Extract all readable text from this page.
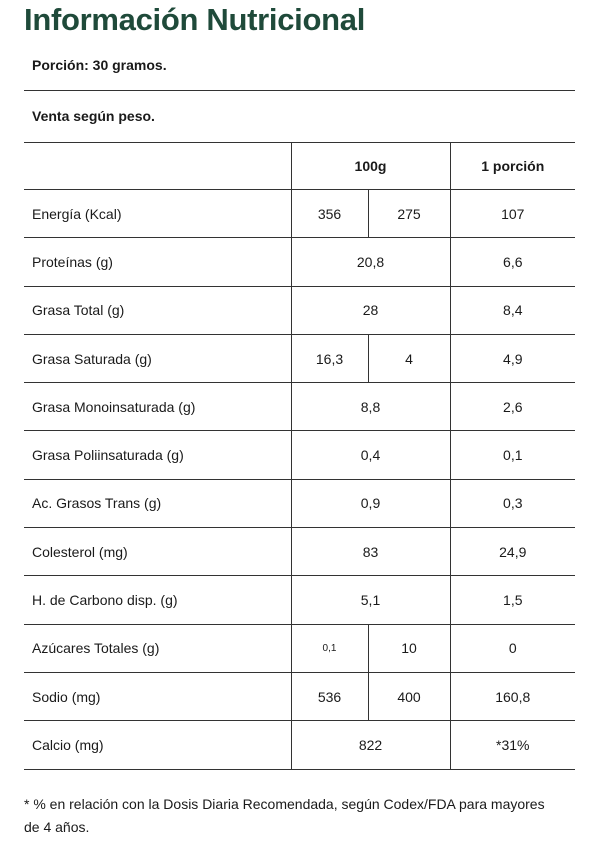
Información Nutricional
Porción: 30 gramos.
Venta según peso.
	100g		1 porción
Energía (Kcal)	356	275	107
Proteínas (g)	20,8		6,6
Grasa Total (g)	28		8,4
Grasa Saturada (g)	16,3	4	4,9
Grasa Monoinsaturada (g)	8,8		2,6
Grasa Poliinsaturada (g)	0,4		0,1
Ac. Grasos Trans (g)	0,9		0,3
Colesterol (mg)	83		24,9
H. de Carbono disp. (g)	5,1		1,5
Azúcares Totales (g)	0,1	10	0
Sodio (mg)	536	400	160,8
Calcio (mg)	822		*31%

* % en relación con la Dosis Diaria Recomendada, según Codex/FDA para mayores de 4 años.
